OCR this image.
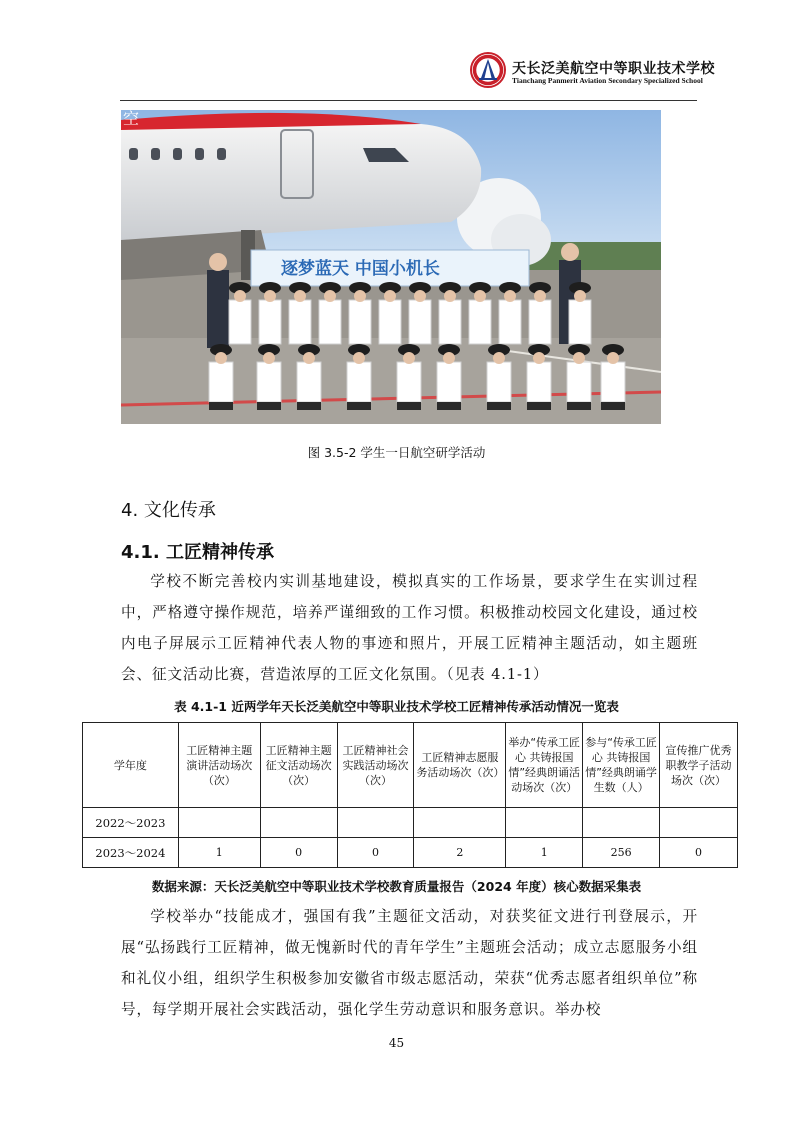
天长泛美航空中等职业技术学校
Tianchang Panmerit Aviation Secondary Specialized School
空
逐梦蓝天 中国小机长
图 3.5-2 学生一日航空研学活动
4. 文化传承
4.1. 工匠精神传承
学校不断完善校内实训基地建设，模拟真实的工作场景，要求学生在实训过程中，严格遵守操作规范，培养严谨细致的工作习惯。积极推动校园文化建设，通过校内电子屏展示工匠精神代表人物的事迹和照片，开展工匠精神主题活动，如主题班会、征文活动比赛，营造浓厚的工匠文化氛围。（见表 4.1-1）
表 4.1-1 近两学年天长泛美航空中等职业技术学校工匠精神传承活动情况一览表
学年度	工匠精神主题演讲活动场次（次）	工匠精神主题征文活动场次（次）	工匠精神社会实践活动场次（次）	工匠精神志愿服务活动场次（次）	举办“传承工匠心 共铸报国情”经典朗诵活动场次（次）	参与“传承工匠心 共铸报国情”经典朗诵学生数（人）	宣传推广优秀职教学子活动场次（次）
2022～2023							
2023～2024	1	0	0	2	1	256	0
数据来源：天长泛美航空中等职业技术学校教育质量报告（2024 年度）核心数据采集表
学校举办“技能成才，强国有我”主题征文活动，对获奖征文进行刊登展示，开展“弘扬践行工匠精神，做无愧新时代的青年学生”主题班会活动；成立志愿服务小组和礼仪小组，组织学生积极参加安徽省市级志愿活动，荣获“优秀志愿者组织单位”称号，每学期开展社会实践活动，强化学生劳动意识和服务意识。举办校
45
